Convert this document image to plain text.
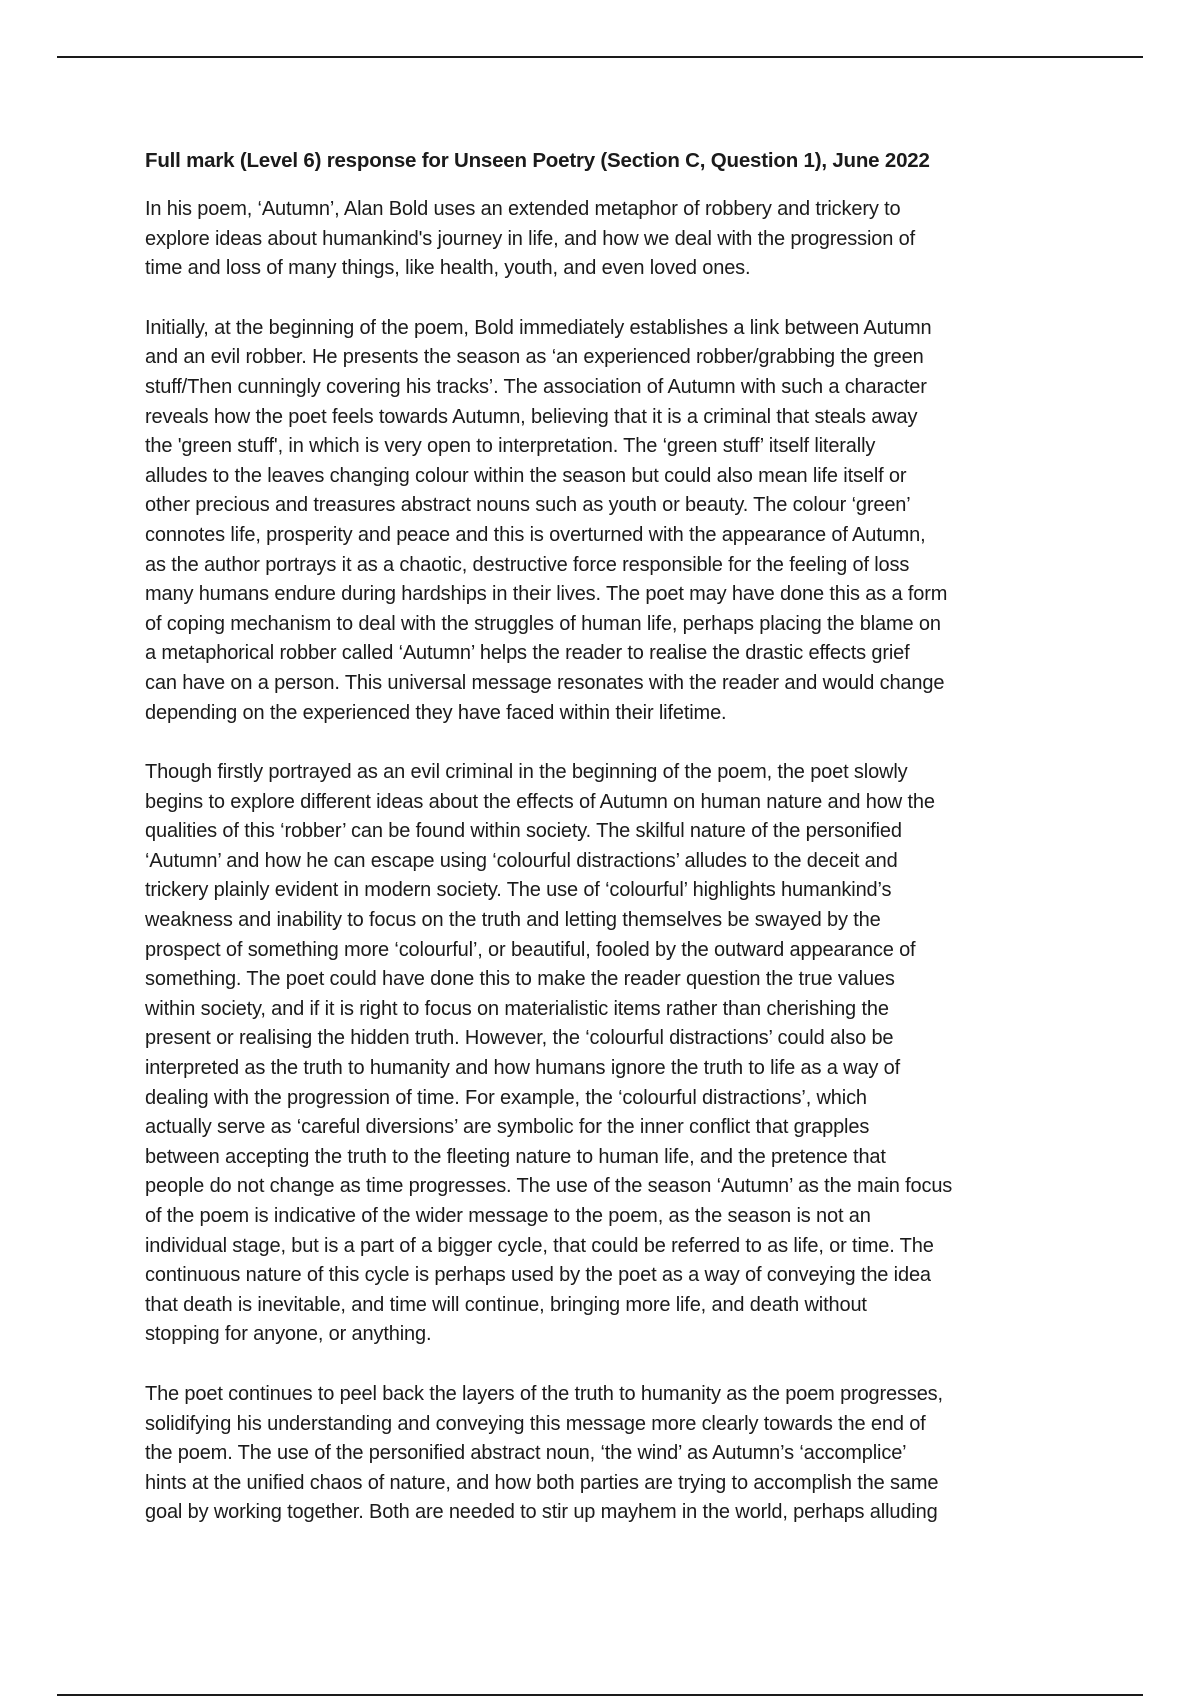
Full mark (Level 6) response for Unseen Poetry (Section C, Question 1), June 2022

In his poem, ‘Autumn’, Alan Bold uses an extended metaphor of robbery and trickery to
explore ideas about humankind's journey in life, and how we deal with the progression of
time and loss of many things, like health, youth, and even loved ones.

Initially, at the beginning of the poem, Bold immediately establishes a link between Autumn
and an evil robber. He presents the season as ‘an experienced robber/grabbing the green
stuff/Then cunningly covering his tracks’. The association of Autumn with such a character
reveals how the poet feels towards Autumn, believing that it is a criminal that steals away
the 'green stuff', in which is very open to interpretation. The ‘green stuff’ itself literally
alludes to the leaves changing colour within the season but could also mean life itself or
other precious and treasures abstract nouns such as youth or beauty. The colour ‘green’
connotes life, prosperity and peace and this is overturned with the appearance of Autumn,
as the author portrays it as a chaotic, destructive force responsible for the feeling of loss
many humans endure during hardships in their lives. The poet may have done this as a form
of coping mechanism to deal with the struggles of human life, perhaps placing the blame on
a metaphorical robber called ‘Autumn’ helps the reader to realise the drastic effects grief
can have on a person. This universal message resonates with the reader and would change
depending on the experienced they have faced within their lifetime.

Though firstly portrayed as an evil criminal in the beginning of the poem, the poet slowly
begins to explore different ideas about the effects of Autumn on human nature and how the
qualities of this ‘robber’ can be found within society. The skilful nature of the personified
‘Autumn’ and how he can escape using ‘colourful distractions’ alludes to the deceit and
trickery plainly evident in modern society. The use of ‘colourful’ highlights humankind’s
weakness and inability to focus on the truth and letting themselves be swayed by the
prospect of something more ‘colourful’, or beautiful, fooled by the outward appearance of
something. The poet could have done this to make the reader question the true values
within society, and if it is right to focus on materialistic items rather than cherishing the
present or realising the hidden truth. However, the ‘colourful distractions’ could also be
interpreted as the truth to humanity and how humans ignore the truth to life as a way of
dealing with the progression of time. For example, the ‘colourful distractions’, which
actually serve as ‘careful diversions’ are symbolic for the inner conflict that grapples
between accepting the truth to the fleeting nature to human life, and the pretence that
people do not change as time progresses. The use of the season ‘Autumn’ as the main focus
of the poem is indicative of the wider message to the poem, as the season is not an
individual stage, but is a part of a bigger cycle, that could be referred to as life, or time. The
continuous nature of this cycle is perhaps used by the poet as a way of conveying the idea
that death is inevitable, and time will continue, bringing more life, and death without
stopping for anyone, or anything.

The poet continues to peel back the layers of the truth to humanity as the poem progresses,
solidifying his understanding and conveying this message more clearly towards the end of
the poem. The use of the personified abstract noun, ‘the wind’ as Autumn’s ‘accomplice’
hints at the unified chaos of nature, and how both parties are trying to accomplish the same
goal by working together. Both are needed to stir up mayhem in the world, perhaps alluding
